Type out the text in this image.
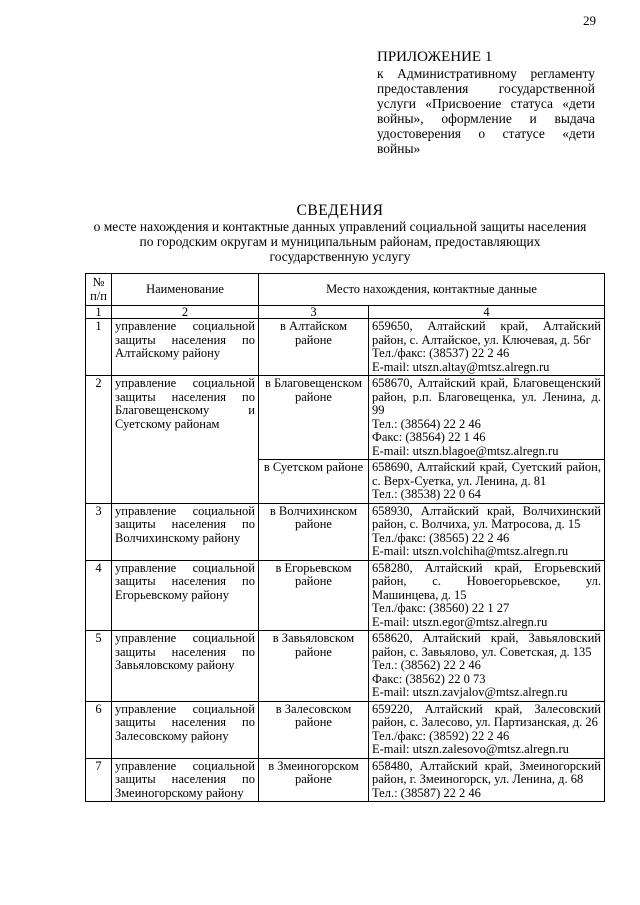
29
ПРИЛОЖЕНИЕ 1
к Административному регламенту предоставления государственной услуги «Присвоение статуса «дети войны», оформление и выдача удостоверения о статусе «дети войны»
СВЕДЕНИЯ
о месте нахождения и контактные данных управлений социальной защиты населения по городским округам и муниципальным районам, предоставляющих государственную услугу
№ п/п	Наименование	Место нахождения, контактные данные	
1	2	3	4
1	управление социальной защиты населения по Алтайскому району	в Алтайском районе	659650, Алтайский край, Алтайский район, с. Алтайское, ул. Ключевая, д. 56г
Тел./факс: (38537) 22 2 46
E-mail: utszn.altay@mtsz.alregn.ru

2	управление социальной защиты населения по Благовещенскому и Суетскому районам	в Благовещенском районе	658670, Алтайский край, Благовещенский район, р.п. Благовещенка, ул. Ленина, д. 99
Тел.: (38564) 22 2 46
Факс: (38564) 22 1 46
E-mail: utszn.blagoe@mtsz.alregn.ru

		в Суетском районе	658690, Алтайский край, Суетский район, с. Верх-Суетка, ул. Ленина, д. 81
Тел.: (38538) 22 0 64

3	управление социальной защиты населения по Волчихинскому району	в Волчихинском районе	658930, Алтайский край, Волчихинский район, с. Волчиха, ул. Матросова, д. 15
Тел./факс: (38565) 22 2 46
E-mail: utszn.volchiha@mtsz.alregn.ru

4	управление социальной защиты населения по Егорьевскому району	в Егорьевском районе	658280, Алтайский край, Егорьевский район, с. Новоегорьевское, ул. Машинцева, д. 15
Тел./факс: (38560) 22 1 27
E-mail: utszn.egor@mtsz.alregn.ru

5	управление социальной защиты населения по Завьяловскому району	в Завьяловском районе	658620, Алтайский край, Завьяловский район, с. Завьялово, ул. Советская, д. 135
Тел.: (38562) 22 2 46
Факс: (38562) 22 0 73
E-mail: utszn.zavjalov@mtsz.alregn.ru

6	управление социальной защиты населения по Залесовскому району	в Залесовском районе	659220, Алтайский край, Залесовский район, с. Залесово, ул. Партизанская, д. 26
Тел./факс: (38592) 22 2 46
E-mail: utszn.zalesovo@mtsz.alregn.ru

7	управление социальной защиты населения по Змеиногорскому району	в Змеиногорском районе	658480, Алтайский край, Змеиногорский район, г. Змеиногорск, ул. Ленина, д. 68
Тел.: (38587) 22 2 46
